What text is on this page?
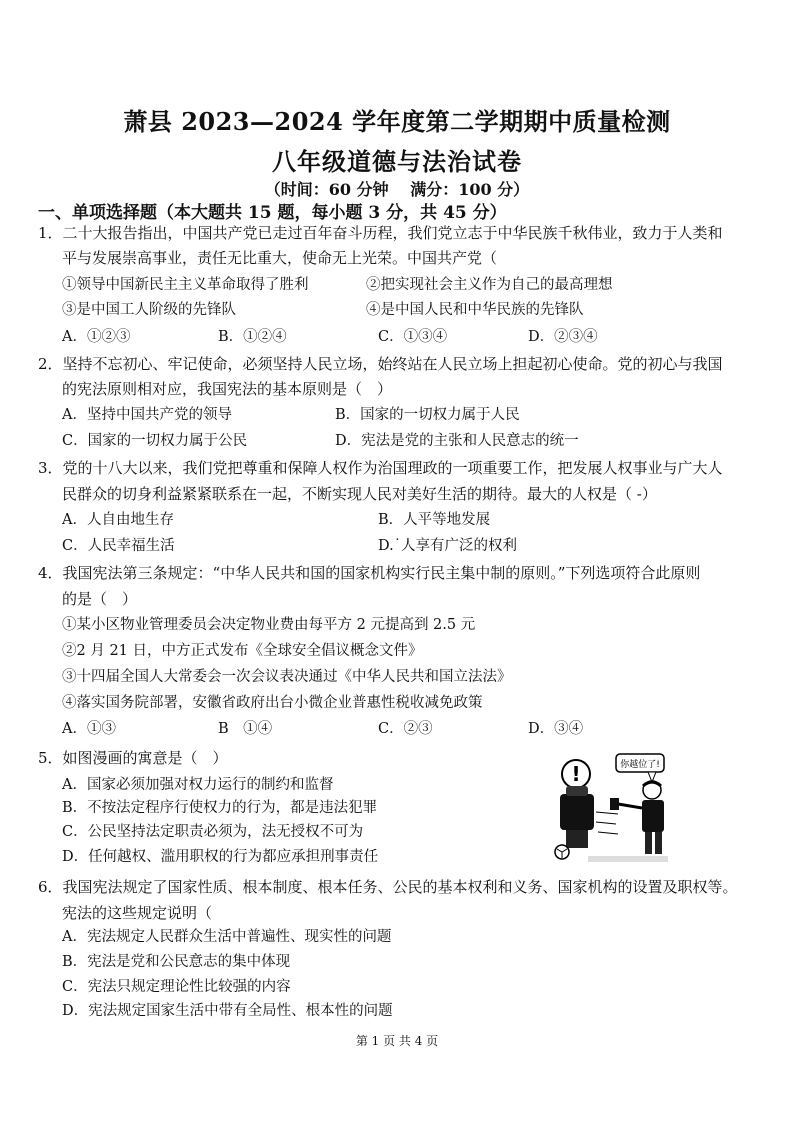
萧县 2023—2024 学年度第二学期期中质量检测
八年级道德与法治试卷
（时间：60 分钟　 满分：100 分）
一、单项选择题（本大题共 15 题，每小题 3 分，共 45 分）
1．二十大报告指出，中国共产党已走过百年奋斗历程，我们党立志于中华民族千秋伟业，致力于人类和
平与发展崇高事业，责任无比重大，使命无上光荣。中国共产党（
①领导中国新民主主义革命取得了胜利	②把实现社会主义作为自己的最高理想
③是中国工人阶级的先锋队	④是中国人民和中华民族的先锋队
A．①②③	B．①②④	C．①③④	D．②③④
2．坚持不忘初心、牢记使命，必须坚持人民立场，始终站在人民立场上担起初心使命。党的初心与我国
的宪法原则相对应，我国宪法的基本原则是（　）
A．坚持中国共产党的领导	B．国家的一切权力属于人民
C．国家的一切权力属于公民	D．宪法是党的主张和人民意志的统一
3．党的十八大以来，我们党把尊重和保障人权作为治国理政的一项重要工作，把发展人权事业与广大人
民群众的切身利益紧紧联系在一起，不断实现人民对美好生活的期待。最大的人权是（ -）
A．人自由地生存	B．人平等地发展
C．人民幸福生活	D.˙人享有广泛的权利
4．我国宪法第三条规定：“中华人民共和国的国家机构实行民主集中制的原则。”下列选项符合此原则
的是（　）
①某小区物业管理委员会决定物业费由每平方 2 元提高到 2.5 元
②2 月 21 日，中方正式发布《全球安全倡议概念文件》
③十四届全国人大常委会一次会议表决通过《中华人民共和国立法法》
④落实国务院部署，安徽省政府出台小微企业普惠性税收减免政策
A．①③	B　①④	C．②③	D．③④
5．如图漫画的寓意是（　）
A．国家必须加强对权力运行的制约和监督
B．不按法定程序行使权力的行为，都是违法犯罪
C．公民坚持法定职责必须为，法无授权不可为
D．任何越权、滥用职权的行为都应承担刑事责任
!	你越位了!
6．我国宪法规定了国家性质、根本制度、根本任务、公民的基本权利和义务、国家机构的设置及职权等。
宪法的这些规定说明（
A．宪法规定人民群众生活中普遍性、现实性的问题
B．宪法是党和公民意志的集中体现
C．宪法只规定理论性比较强的内容
D．宪法规定国家生活中带有全局性、根本性的问题
第 1 页 共 4 页
